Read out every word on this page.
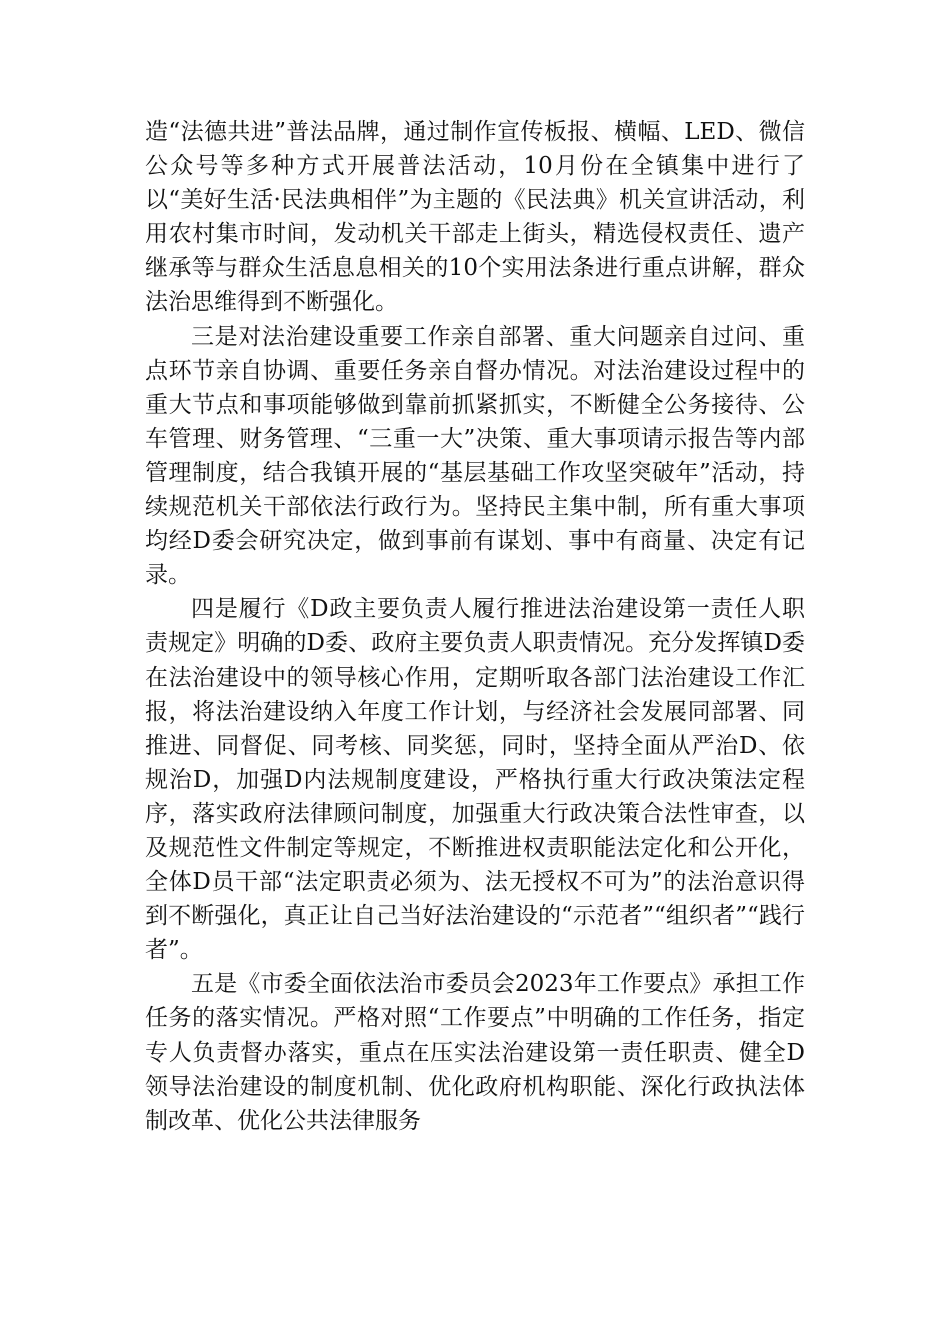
造“法德共进”普法品牌，通过制作宣传板报、横幅、LED、微信公众号等多种方式开展普法活动，10月份在全镇集中进行了以“美好生活·民法典相伴”为主题的《民法典》机关宣讲活动，利用农村集市时间，发动机关干部走上街头，精选侵权责任、遗产继承等与群众生活息息相关的10个实用法条进行重点讲解，群众法治思维得到不断强化。

三是对法治建设重要工作亲自部署、重大问题亲自过问、重点环节亲自协调、重要任务亲自督办情况。对法治建设过程中的重大节点和事项能够做到靠前抓紧抓实，不断健全公务接待、公车管理、财务管理、“三重一大”决策、重大事项请示报告等内部管理制度，结合我镇开展的“基层基础工作攻坚突破年”活动，持续规范机关干部依法行政行为。坚持民主集中制，所有重大事项均经D委会研究决定，做到事前有谋划、事中有商量、决定有记录。

四是履行《D政主要负责人履行推进法治建设第一责任人职责规定》明确的D委、政府主要负责人职责情况。充分发挥镇D委在法治建设中的领导核心作用，定期听取各部门法治建设工作汇报，将法治建设纳入年度工作计划，与经济社会发展同部署、同推进、同督促、同考核、同奖惩，同时，坚持全面从严治D、依规治D，加强D内法规制度建设，严格执行重大行政决策法定程序，落实政府法律顾问制度，加强重大行政决策合法性审查，以及规范性文件制定等规定，不断推进权责职能法定化和公开化，全体D员干部“法定职责必须为、法无授权不可为”的法治意识得到不断强化，真正让自己当好法治建设的“示范者”“组织者”“践行者”。

五是《市委全面依法治市委员会2023年工作要点》承担工作任务的落实情况。严格对照“工作要点”中明确的工作任务，指定专人负责督办落实，重点在压实法治建设第一责任职责、健全D领导法治建设的制度机制、优化政府机构职能、深化行政执法体制改革、优化公共法律服务
